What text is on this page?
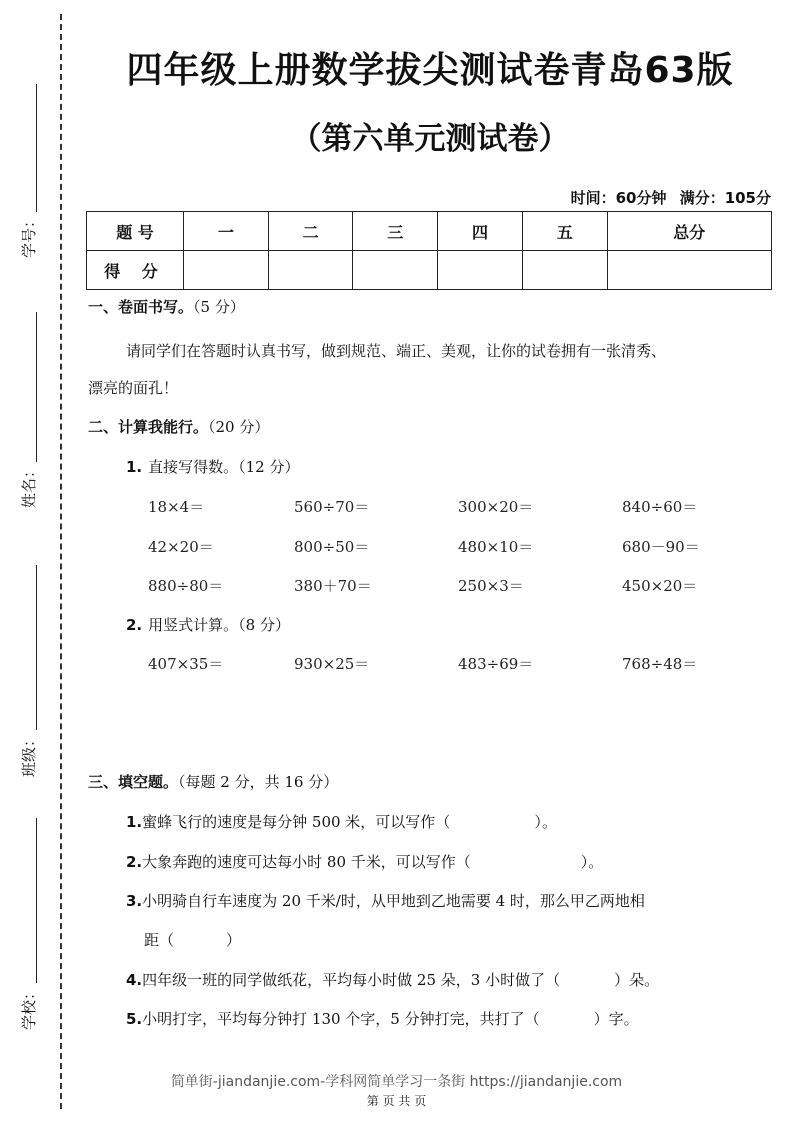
学号：
姓名：
班级：
学校：
四年级上册数学拔尖测试卷青岛63版
（第六单元测试卷）
时间：60分钟 满分：105分
题 号	一	二	三	四	五	总分
得 分						
一、卷面书写。（5 分）
请同学们在答题时认真书写，做到规范、端正、美观，让你的试卷拥有一张清秀、
漂亮的面孔！
二、计算我能行。（20 分）
1. 直接写得数。（12 分）
18×4＝	560÷70＝	300×20＝	840÷60＝
42×20＝	800÷50＝	480×10＝	680－90＝
880÷80＝	380＋70＝	250×3＝	450×20＝
2. 用竖式计算。（8 分）
407×35＝	930×25＝	483÷69＝	768÷48＝
三、填空题。（每题 2 分，共 16 分）
1.蜜蜂飞行的速度是每分钟 500 米，可以写作（	）。
2.大象奔跑的速度可达每小时 80 千米，可以写作（	）。
3.小明骑自行车速度为 20 千米/时，从甲地到乙地需要 4 时，那么甲乙两地相
距（	）
4.四年级一班的同学做纸花，平均每小时做 25 朵，3 小时做了（	）朵。
5.小明打字，平均每分钟打 130 个字，5 分钟打完，共打了（	）字。
简单街-jiandanjie.com-学科网简单学习一条街 https://jiandanjie.com
第 页 共 页
